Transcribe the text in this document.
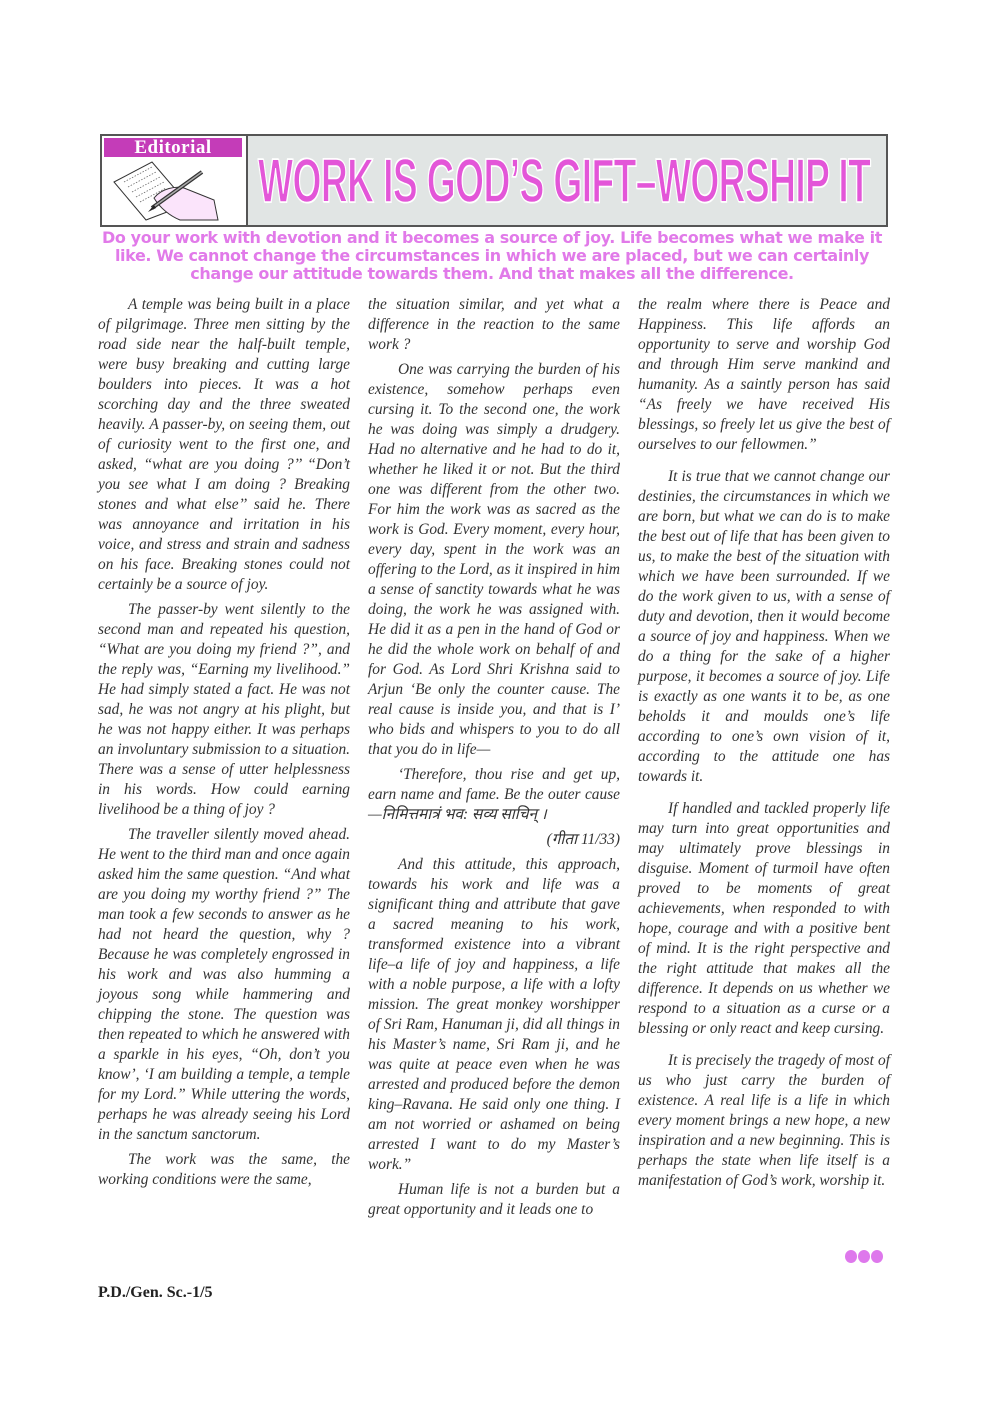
Editorial WORK IS GOD’S GIFT–WORSHIP IT
Do your work with devotion and it becomes a source of joy. Life becomes what we make it like. We cannot change the circumstances in which we are placed, but we can certainly change our attitude towards them. And that makes all the difference.

A temple was being built in a place of pilgrimage. Three men sitting by the road side near the half-built temple, were busy breaking and cutting large boulders into pieces. It was a hot scorching day and the three sweated heavily. A passer-by, on seeing them, out of curiosity went to the first one, and asked, “what are you doing ?’’ “Don’t you see what I am doing ? Breaking stones and what else’’ said he. There was annoyance and irritation in his voice, and stress and strain and sadness on his face. Breaking stones could not certainly be a source of joy.

The passer-by went silently to the second man and repeated his question, “What are you doing my friend ?”, and the reply was, “Earning my livelihood.” He had simply stated a fact. He was not sad, he was not angry at his plight, but he was not happy either. It was perhaps an involuntary submission to a situation. There was a sense of utter helplessness in his words. How could earning livelihood be a thing of joy ?

The traveller silently moved ahead. He went to the third man and once again asked him the same question. “And what are you doing my worthy friend ?” The man took a few seconds to answer as he had not heard the question, why ? Because he was completely engrossed in his work and was also humming a joyous song while hammering and chipping the stone. The question was then repeated to which he answered with a sparkle in his eyes, “Oh, don’t you know’, ‘I am building a temple, a temple for my Lord.” While uttering the words, perhaps he was already seeing his Lord in the sanctum sanctorum.

The work was the same, the working conditions were the same,

the situation similar, and yet what a difference in the reaction to the same work ?

One was carrying the burden of his existence, somehow perhaps even cursing it. To the second one, the work he was doing was simply a drudgery. Had no alternative and he had to do it, whether he liked it or not. But the third one was different from the other two. For him the work was as sacred as the work is God. Every moment, every hour, every day, spent in the work was an offering to the Lord, as it inspired in him a sense of sanctity towards what he was doing, the work he was assigned with. He did it as a pen in the hand of God or he did the whole work on behalf of and for God. As Lord Shri Krishna said to Arjun ‘Be only the counter cause. The real cause is inside you, and that is I’ who bids and whispers to you to do all that you do in life—

‘Therefore, thou rise and get up, earn name and fame. Be the outer cause—निमित्तमात्रं भव: सव्य साचिन् ।

(गीता 11/33)

And this attitude, this approach, towards his work and life was a significant thing and attribute that gave a sacred meaning to his work, transformed existence into a vibrant life–a life of joy and happiness, a life with a noble purpose, a life with a lofty mission. The great monkey worshipper of Sri Ram, Hanuman ji, did all things in his Master’s name, Sri Ram ji, and he was quite at peace even when he was arrested and produced before the demon king–Ravana. He said only one thing. I am not worried or ashamed on being arrested I want to do my Master’s work.”

Human life is not a burden but a great opportunity and it leads one to

the realm where there is Peace and Happiness. This life affords an opportunity to serve and worship God and through Him serve mankind and humanity. As a saintly person has said “As freely we have received His blessings, so freely let us give the best of ourselves to our fellowmen.”

It is true that we cannot change our destinies, the circumstances in which we are born, but what we can do is to make the best out of life that has been given to us, to make the best of the situation with which we have been surrounded. If we do the work given to us, with a sense of duty and devotion, then it would become a source of joy and happiness. When we do a thing for the sake of a higher purpose, it becomes a source of joy. Life is exactly as one wants it to be, as one beholds it and moulds one’s life according to one’s own vision of it, according to the attitude one has towards it.

If handled and tackled properly life may turn into great opportunities and may ultimately prove blessings in disguise. Moment of turmoil have often proved to be moments of great achievements, when responded to with hope, courage and with a positive bent of mind. It is the right perspective and the right attitude that makes all the difference. It depends on us whether we respond to a situation as a curse or a blessing or only react and keep cursing.

It is precisely the tragedy of most of us who just carry the burden of existence. A real life is a life in which every moment brings a new hope, a new inspiration and a new beginning. This is perhaps the state when life itself is a manifestation of God’s work, worship it.

P.D./Gen. Sc.-1/5
